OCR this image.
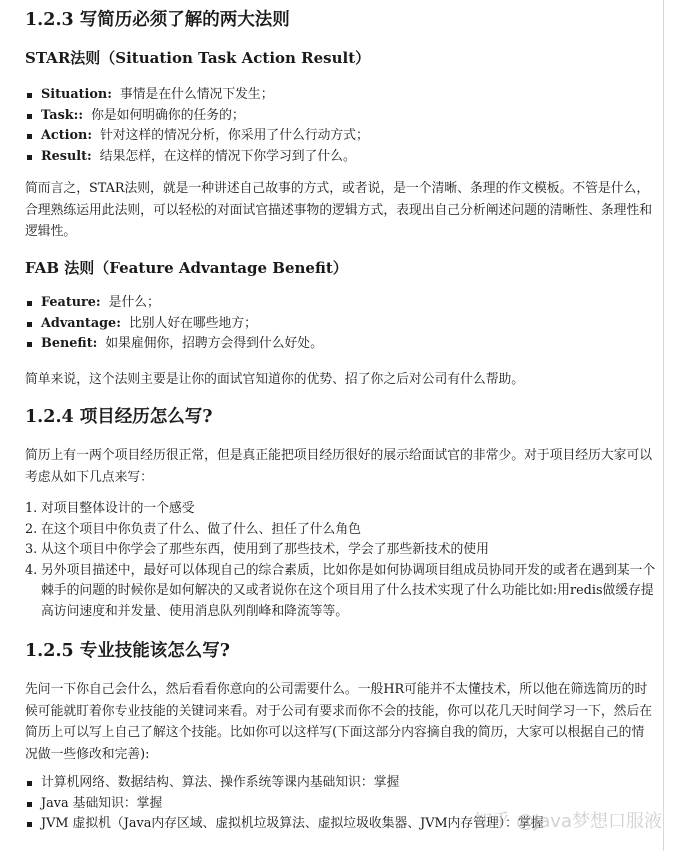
1.2.3 写简历必须了解的两大法则
STAR法则（Situation Task Action Result）
Situation: 事情是在什么情况下发生；
Task:: 你是如何明确你的任务的；
Action: 针对这样的情况分析，你采用了什么行动方式；
Result: 结果怎样，在这样的情况下你学习到了什么。

简而言之，STAR法则，就是一种讲述自己故事的方式，或者说，是一个清晰、条理的作文模板。不管是什么，合理熟练运用此法则，可以轻松的对面试官描述事物的逻辑方式，表现出自己分析阐述问题的清晰性、条理性和逻辑性。

FAB 法则（Feature Advantage Benefit）
Feature: 是什么；
Advantage: 比别人好在哪些地方；
Benefit: 如果雇佣你，招聘方会得到什么好处。

简单来说，这个法则主要是让你的面试官知道你的优势、招了你之后对公司有什么帮助。

1.2.4 项目经历怎么写?

简历上有一两个项目经历很正常，但是真正能把项目经历很好的展示给面试官的非常少。对于项目经历大家可以考虑从如下几点来写：

1. 对项目整体设计的一个感受
2. 在这个项目中你负责了什么、做了什么、担任了什么角色
3. 从这个项目中你学会了那些东西，使用到了那些技术，学会了那些新技术的使用
4. 另外项目描述中，最好可以体现自己的综合素质，比如你是如何协调项目组成员协同开发的或者在遇到某一个棘手的问题的时候你是如何解决的又或者说你在这个项目用了什么技术实现了什么功能比如:用redis做缓存提高访问速度和并发量、使用消息队列削峰和降流等等。
1.2.5 专业技能该怎么写?

先问一下你自己会什么，然后看看你意向的公司需要什么。一般HR可能并不太懂技术，所以他在筛选简历的时候可能就盯着你专业技能的关键词来看。对于公司有要求而你不会的技能，你可以花几天时间学习一下，然后在简历上可以写上自己了解这个技能。比如你可以这样写(下面这部分内容摘自我的简历，大家可以根据自己的情况做一些修改和完善):

计算机网络、数据结构、算法、操作系统等课内基础知识：掌握
Java 基础知识：掌握
JVM 虚拟机（Java内存区域、虚拟机垃圾算法、虚拟垃圾收集器、JVM内存管理）：掌握
知乎 @Java梦想口服液
